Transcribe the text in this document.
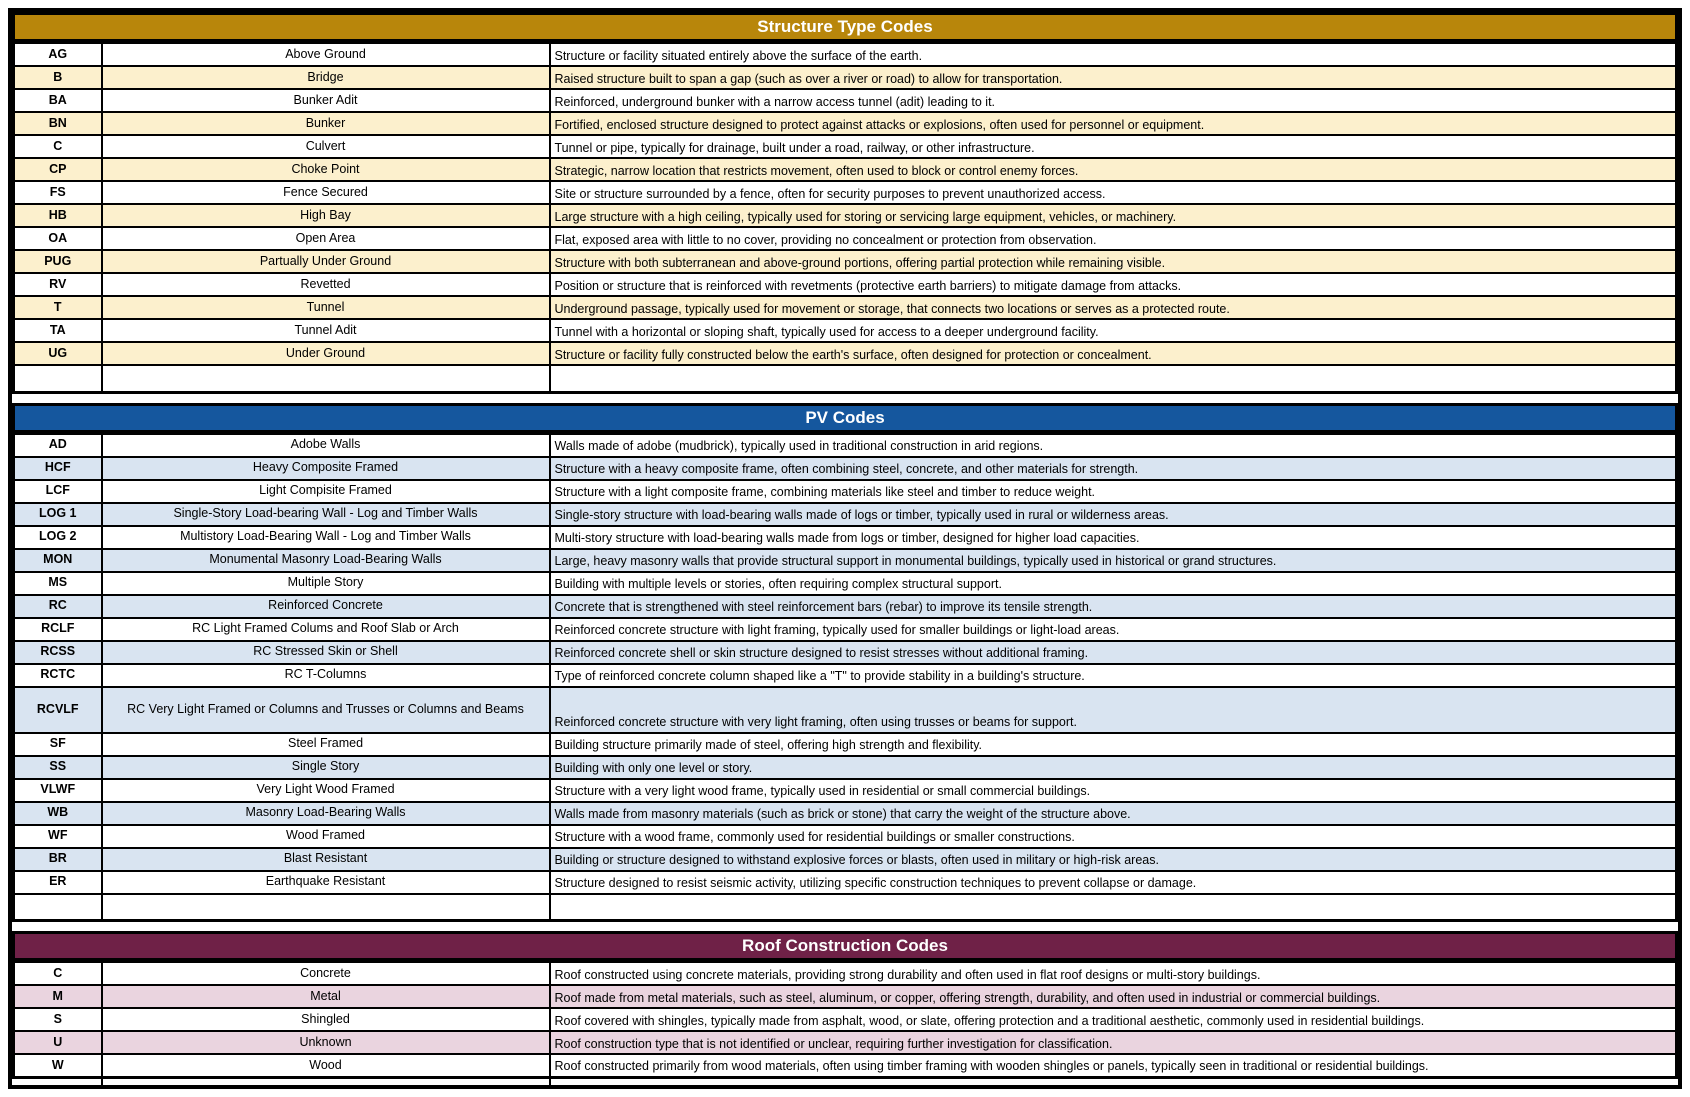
Structure Type Codes
AG	Above Ground	Structure or facility situated entirely above the surface of the earth.
B	Bridge	Raised structure built to span a gap (such as over a river or road) to allow for transportation.
BA	Bunker Adit	Reinforced, underground bunker with a narrow access tunnel (adit) leading to it.
BN	Bunker	Fortified, enclosed structure designed to protect against attacks or explosions, often used for personnel or equipment.
C	Culvert	Tunnel or pipe, typically for drainage, built under a road, railway, or other infrastructure.
CP	Choke Point	Strategic, narrow location that restricts movement, often used to block or control enemy forces.
FS	Fence Secured	Site or structure surrounded by a fence, often for security purposes to prevent unauthorized access.
HB	High Bay	Large structure with a high ceiling, typically used for storing or servicing large equipment, vehicles, or machinery.
OA	Open Area	Flat, exposed area with little to no cover, providing no concealment or protection from observation.
PUG	Partually Under Ground	Structure with both subterranean and above-ground portions, offering partial protection while remaining visible.
RV	Revetted	Position or structure that is reinforced with revetments (protective earth barriers) to mitigate damage from attacks.
T	Tunnel	Underground passage, typically used for movement or storage, that connects two locations or serves as a protected route.
TA	Tunnel Adit	Tunnel with a horizontal or sloping shaft, typically used for access to a deeper underground facility.
UG	Under Ground	Structure or facility fully constructed below the earth's surface, often designed for protection or concealment.

PV Codes
AD	Adobe Walls	Walls made of adobe (mudbrick), typically used in traditional construction in arid regions.
HCF	Heavy Composite Framed	Structure with a heavy composite frame, often combining steel, concrete, and other materials for strength.
LCF	Light Compisite Framed	Structure with a light composite frame, combining materials like steel and timber to reduce weight.
LOG 1	Single-Story Load-bearing Wall - Log and Timber Walls	Single-story structure with load-bearing walls made of logs or timber, typically used in rural or wilderness areas.
LOG 2	Multistory Load-Bearing Wall - Log and Timber Walls	Multi-story structure with load-bearing walls made from logs or timber, designed for higher load capacities.
MON	Monumental Masonry Load-Bearing Walls	Large, heavy masonry walls that provide structural support in monumental buildings, typically used in historical or grand structures.
MS	Multiple Story	Building with multiple levels or stories, often requiring complex structural support.
RC	Reinforced Concrete	Concrete that is strengthened with steel reinforcement bars (rebar) to improve its tensile strength.
RCLF	RC Light Framed Colums and Roof Slab or Arch	Reinforced concrete structure with light framing, typically used for smaller buildings or light-load areas.
RCSS	RC Stressed Skin or Shell	Reinforced concrete shell or skin structure designed to resist stresses without additional framing.
RCTC	RC T-Columns	Type of reinforced concrete column shaped like a "T" to provide stability in a building's structure.
RCVLF	RC Very Light Framed or Columns and Trusses or Columns and Beams	Reinforced concrete structure with very light framing, often using trusses or beams for support.
SF	Steel Framed	Building structure primarily made of steel, offering high strength and flexibility.
SS	Single Story	Building with only one level or story.
VLWF	Very Light Wood Framed	Structure with a very light wood frame, typically used in residential or small commercial buildings.
WB	Masonry Load-Bearing Walls	Walls made from masonry materials (such as brick or stone) that carry the weight of the structure above.
WF	Wood Framed	Structure with a wood frame, commonly used for residential buildings or smaller constructions.
BR	Blast Resistant	Building or structure designed to withstand explosive forces or blasts, often used in military or high-risk areas.
ER	Earthquake Resistant	Structure designed to resist seismic activity, utilizing specific construction techniques to prevent collapse or damage.

Roof Construction Codes
C	Concrete	Roof constructed using concrete materials, providing strong durability and often used in flat roof designs or multi-story buildings.
M	Metal	Roof made from metal materials, such as steel, aluminum, or copper, offering strength, durability, and often used in industrial or commercial buildings.
S	Shingled	Roof covered with shingles, typically made from asphalt, wood, or slate, offering protection and a traditional aesthetic, commonly used in residential buildings.
U	Unknown	Roof construction type that is not identified or unclear, requiring further investigation for classification.
W	Wood	Roof constructed primarily from wood materials, often using timber framing with wooden shingles or panels, typically seen in traditional or residential buildings.
